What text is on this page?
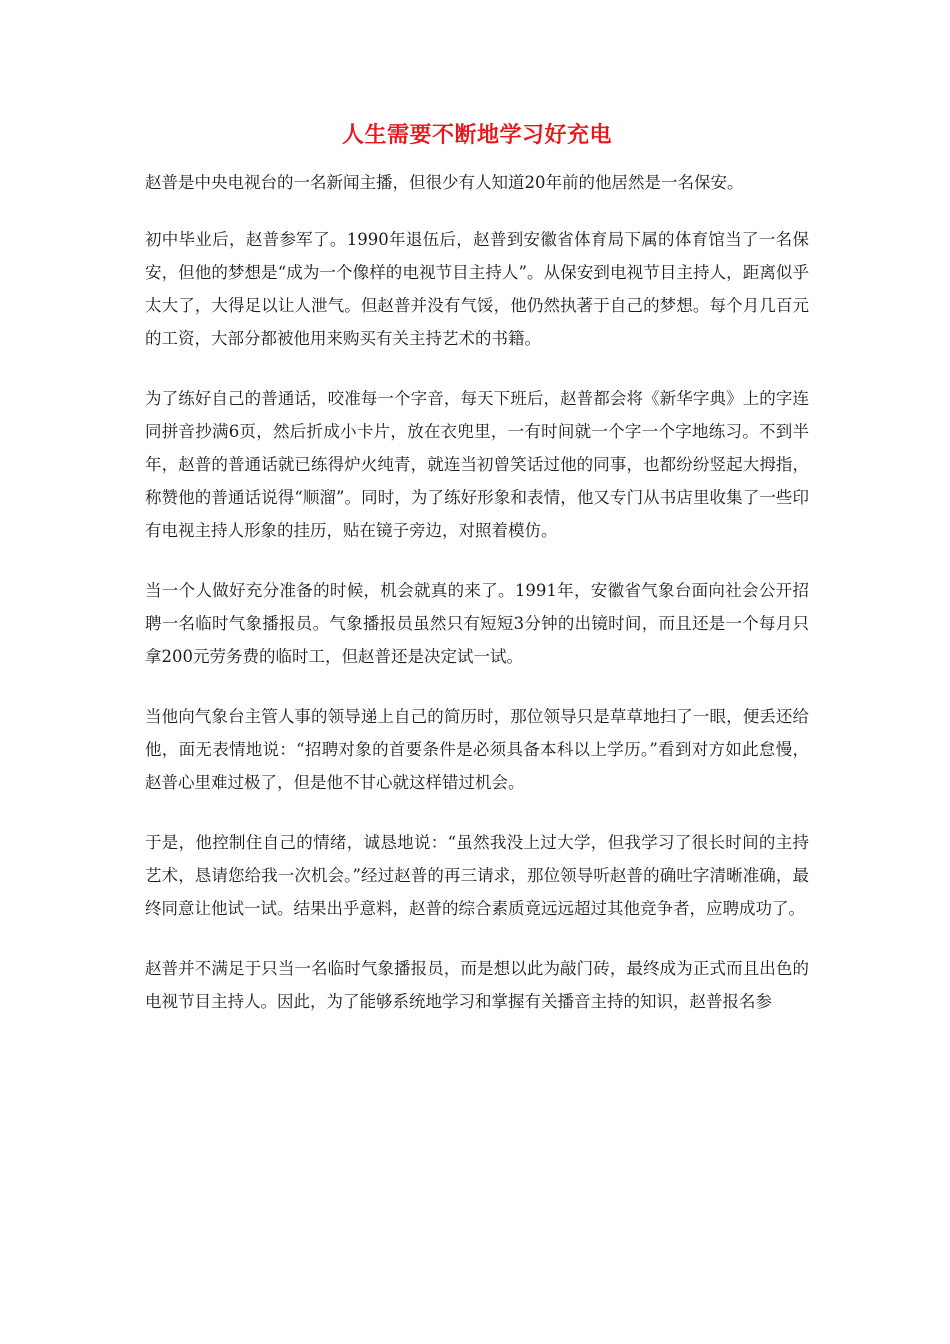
人生需要不断地学习好充电

赵普是中央电视台的一名新闻主播，但很少有人知道20年前的他居然是一名保安。

初中毕业后，赵普参军了。1990年退伍后，赵普到安徽省体育局下属的体育馆当了一名保安，但他的梦想是“成为一个像样的电视节目主持人”。从保安到电视节目主持人，距离似乎太大了，大得足以让人泄气。但赵普并没有气馁，他仍然执著于自己的梦想。每个月几百元的工资，大部分都被他用来购买有关主持艺术的书籍。

为了练好自己的普通话，咬准每一个字音，每天下班后，赵普都会将《新华字典》上的字连同拼音抄满6页，然后折成小卡片，放在衣兜里，一有时间就一个字一个字地练习。不到半年，赵普的普通话就已练得炉火纯青，就连当初曾笑话过他的同事，也都纷纷竖起大拇指，称赞他的普通话说得“顺溜”。同时，为了练好形象和表情，他又专门从书店里收集了一些印有电视主持人形象的挂历，贴在镜子旁边，对照着模仿。

当一个人做好充分准备的时候，机会就真的来了。1991年，安徽省气象台面向社会公开招聘一名临时气象播报员。气象播报员虽然只有短短3分钟的出镜时间，而且还是一个每月只拿200元劳务费的临时工，但赵普还是决定试一试。

当他向气象台主管人事的领导递上自己的简历时，那位领导只是草草地扫了一眼，便丢还给他，面无表情地说：“招聘对象的首要条件是必须具备本科以上学历。”看到对方如此怠慢，赵普心里难过极了，但是他不甘心就这样错过机会。

于是，他控制住自己的情绪，诚恳地说：“虽然我没上过大学，但我学习了很长时间的主持艺术，恳请您给我一次机会。”经过赵普的再三请求，那位领导听赵普的确吐字清晰准确，最终同意让他试一试。结果出乎意料，赵普的综合素质竟远远超过其他竞争者，应聘成功了。

赵普并不满足于只当一名临时气象播报员，而是想以此为敲门砖，最终成为正式而且出色的电视节目主持人。因此，为了能够系统地学习和掌握有关播音主持的知识，赵普报名参
